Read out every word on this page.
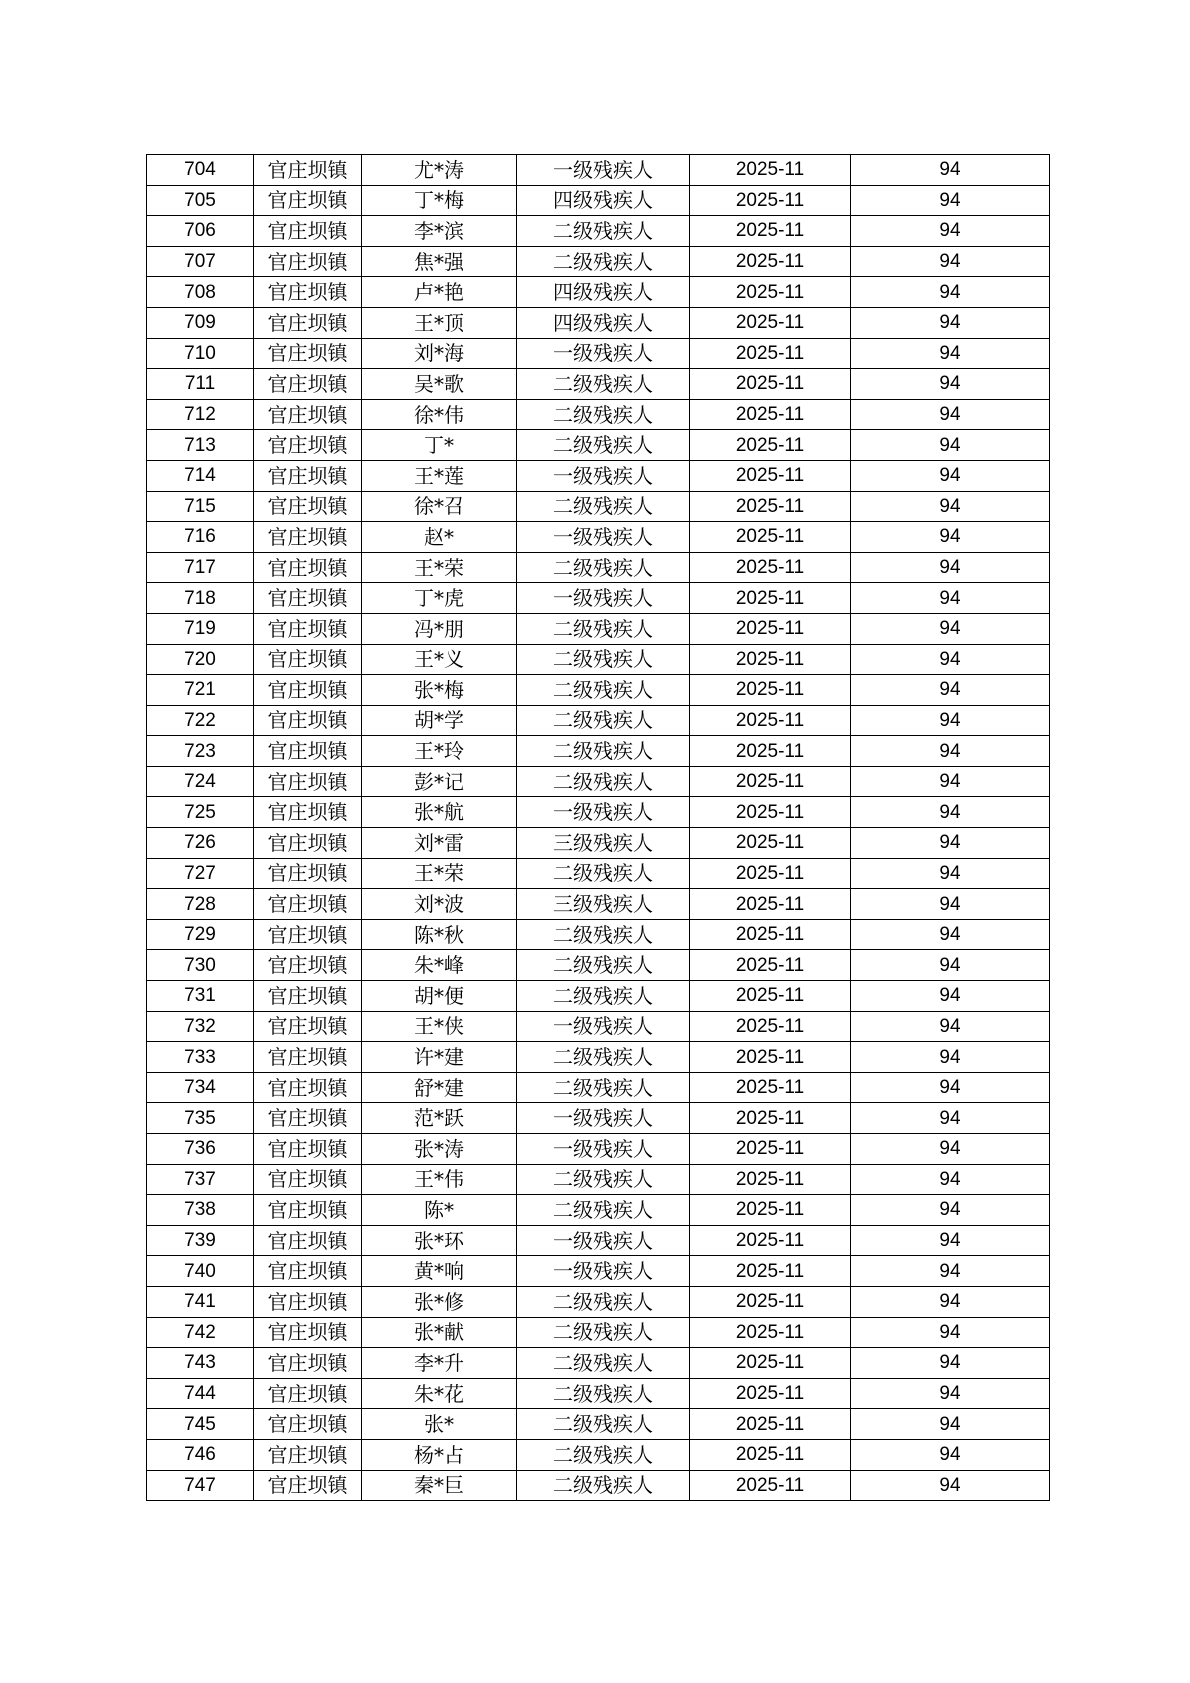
704	官庄坝镇	尤*涛	一级残疾人	2025-11	94
705	官庄坝镇	丁*梅	四级残疾人	2025-11	94
706	官庄坝镇	李*滨	二级残疾人	2025-11	94
707	官庄坝镇	焦*强	二级残疾人	2025-11	94
708	官庄坝镇	卢*艳	四级残疾人	2025-11	94
709	官庄坝镇	王*顶	四级残疾人	2025-11	94
710	官庄坝镇	刘*海	一级残疾人	2025-11	94
711	官庄坝镇	吴*歌	二级残疾人	2025-11	94
712	官庄坝镇	徐*伟	二级残疾人	2025-11	94
713	官庄坝镇	丁*	二级残疾人	2025-11	94
714	官庄坝镇	王*莲	一级残疾人	2025-11	94
715	官庄坝镇	徐*召	二级残疾人	2025-11	94
716	官庄坝镇	赵*	一级残疾人	2025-11	94
717	官庄坝镇	王*荣	二级残疾人	2025-11	94
718	官庄坝镇	丁*虎	一级残疾人	2025-11	94
719	官庄坝镇	冯*朋	二级残疾人	2025-11	94
720	官庄坝镇	王*义	二级残疾人	2025-11	94
721	官庄坝镇	张*梅	二级残疾人	2025-11	94
722	官庄坝镇	胡*学	二级残疾人	2025-11	94
723	官庄坝镇	王*玲	二级残疾人	2025-11	94
724	官庄坝镇	彭*记	二级残疾人	2025-11	94
725	官庄坝镇	张*航	一级残疾人	2025-11	94
726	官庄坝镇	刘*雷	三级残疾人	2025-11	94
727	官庄坝镇	王*荣	二级残疾人	2025-11	94
728	官庄坝镇	刘*波	三级残疾人	2025-11	94
729	官庄坝镇	陈*秋	二级残疾人	2025-11	94
730	官庄坝镇	朱*峰	二级残疾人	2025-11	94
731	官庄坝镇	胡*便	二级残疾人	2025-11	94
732	官庄坝镇	王*侠	一级残疾人	2025-11	94
733	官庄坝镇	许*建	二级残疾人	2025-11	94
734	官庄坝镇	舒*建	二级残疾人	2025-11	94
735	官庄坝镇	范*跃	一级残疾人	2025-11	94
736	官庄坝镇	张*涛	一级残疾人	2025-11	94
737	官庄坝镇	王*伟	二级残疾人	2025-11	94
738	官庄坝镇	陈*	二级残疾人	2025-11	94
739	官庄坝镇	张*环	一级残疾人	2025-11	94
740	官庄坝镇	黄*响	一级残疾人	2025-11	94
741	官庄坝镇	张*修	二级残疾人	2025-11	94
742	官庄坝镇	张*献	二级残疾人	2025-11	94
743	官庄坝镇	李*升	二级残疾人	2025-11	94
744	官庄坝镇	朱*花	二级残疾人	2025-11	94
745	官庄坝镇	张*	二级残疾人	2025-11	94
746	官庄坝镇	杨*占	二级残疾人	2025-11	94
747	官庄坝镇	秦*巨	二级残疾人	2025-11	94
